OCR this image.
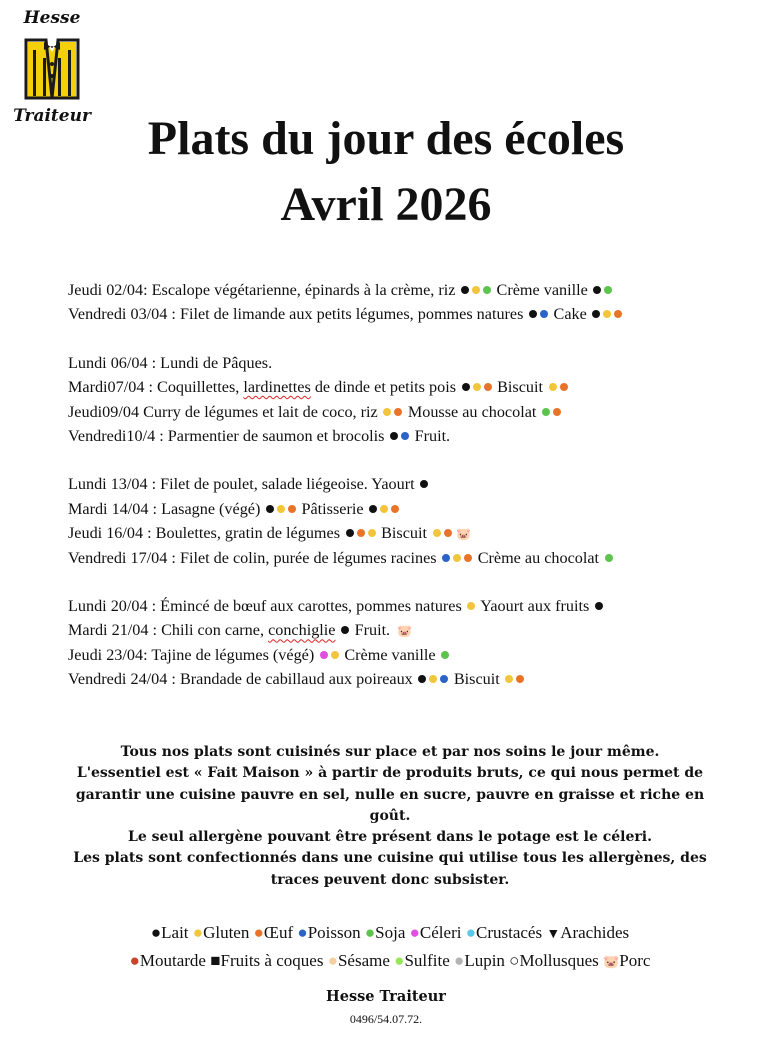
Hesse
Traiteur	Plats du jour des écoles
Avril 2026
Jeudi 02/04: Escalope végétarienne, épinards à la crème, riz  Crème vanille
Vendredi 03/04 : Filet de limande aux petits légumes, pommes natures  Cake
Lundi 06/04 : Lundi de Pâques.
Mardi07/04 : Coquillettes, lardinettes de dinde et petits pois  Biscuit
Jeudi09/04 Curry de légumes et lait de coco, riz  Mousse au chocolat
Vendredi10/4 : Parmentier de saumon et brocolis  Fruit.
Lundi 13/04 : Filet de poulet, salade liégeoise. Yaourt
Mardi 14/04 : Lasagne (végé)  Pâtisserie
Jeudi 16/04 : Boulettes, gratin de légumes  Biscuit 🐷
Vendredi 17/04 : Filet de colin, purée de légumes racines  Crème au chocolat
Lundi 20/04 : Émincé de bœuf aux carottes, pommes natures  Yaourt aux fruits
Mardi 21/04 : Chili con carne, conchiglie  Fruit. 🐷
Jeudi 23/04: Tajine de légumes (végé)  Crème vanille
Vendredi 24/04 : Brandade de cabillaud aux poireaux  Biscuit
Tous nos plats sont cuisinés sur place et par nos soins le jour même.
L'essentiel est « Fait Maison » à partir de produits bruts, ce qui nous permet de
garantir une cuisine pauvre en sel, nulle en sucre, pauvre en graisse et riche en
goût.
Le seul allergène pouvant être présent dans le potage est le céleri.
Les plats sont confectionnés dans une cuisine qui utilise tous les allergènes, des
traces peuvent donc subsister.
●Lait ●Gluten ●Œuf ●Poisson ●Soja ●Céleri ●Crustacés ▼Arachides
●Moutarde ■Fruits à coques ●Sésame ●Sulfite ●Lupin ○Mollusques 🐷Porc
Hesse Traiteur
0496/54.07.72.
